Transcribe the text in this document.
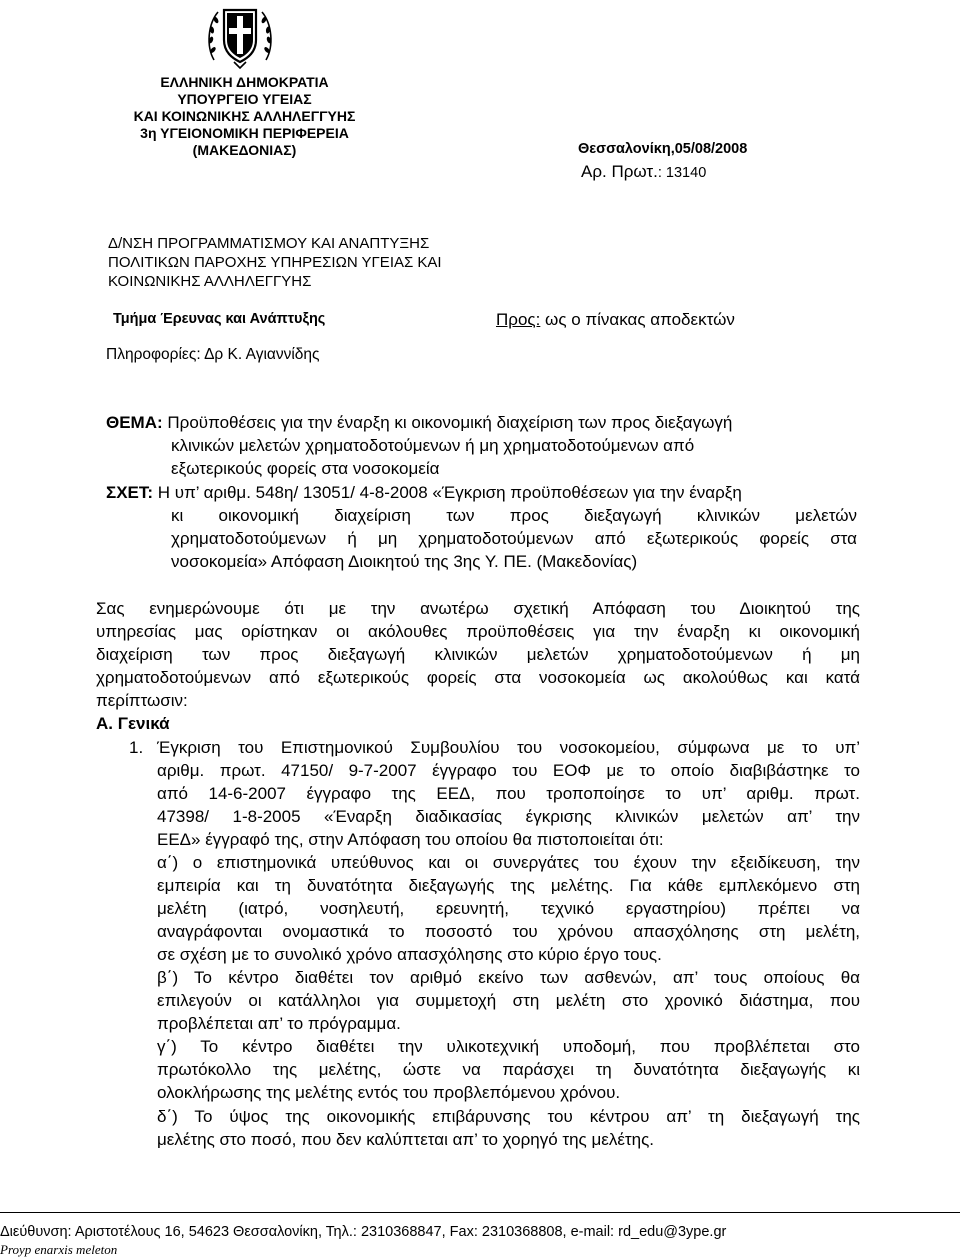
ΕΛΛΗΝΙΚΗ ΔΗΜΟΚΡΑΤΙΑ
ΥΠΟΥΡΓΕΙΟ ΥΓΕΙΑΣ
ΚΑΙ ΚΟΙΝΩΝΙΚΗΣ ΑΛΛΗΛΕΓΓΥΗΣ
3η ΥΓΕΙΟΝΟΜΙΚΗ ΠΕΡΙΦΕΡΕΙΑ
(ΜΑΚΕΔΟΝΙΑΣ)	Θεσσαλονίκη,05/08/2008
Αρ. Πρωτ.: 13140
Δ/ΝΣΗ ΠΡΟΓΡΑΜΜΑΤΙΣΜΟΥ ΚΑΙ ΑΝΑΠΤΥΞΗΣ
ΠΟΛΙΤΙΚΩΝ ΠΑΡΟΧΗΣ ΥΠΗΡΕΣΙΩΝ ΥΓΕΙΑΣ ΚΑΙ
ΚΟΙΝΩΝΙΚΗΣ ΑΛΛΗΛΕΓΓΥΗΣ
Τμήμα Έρευνας και Ανάπτυξης	Προς: ως ο πίνακας αποδεκτών
Πληροφορίες: Δρ Κ. Αγιαννίδης
ΘΕΜΑ: Προϋποθέσεις για την έναρξη κι οικονομική διαχείριση των προς διεξαγωγή
κλινικών μελετών χρηματοδοτούμενων ή μη χρηματοδοτούμενων από
εξωτερικούς φορείς στα νοσοκομεία
ΣΧΕΤ: Η υπ’ αριθμ. 548η/ 13051/ 4-8-2008 «Έγκριση προϋποθέσεων για την έναρξη
κι οικονομική διαχείριση των προς διεξαγωγή κλινικών μελετών
χρηματοδοτούμενων ή μη χρηματοδοτούμενων από εξωτερικούς φορείς στα
νοσοκομεία» Απόφαση Διοικητού της 3ης Υ. ΠΕ. (Μακεδονίας)
Σας ενημερώνουμε ότι με την ανωτέρω σχετική Απόφαση του Διοικητού της
υπηρεσίας μας ορίστηκαν οι ακόλουθες προϋποθέσεις για την έναρξη κι οικονομική
διαχείριση των προς διεξαγωγή κλινικών μελετών χρηματοδοτούμενων ή μη
χρηματοδοτούμενων από εξωτερικούς φορείς στα νοσοκομεία ως ακολούθως και κατά
περίπτωσιν:
Α. Γενικά
1. Έγκριση του Επιστημονικού Συμβουλίου του νοσοκομείου, σύμφωνα με το υπ’
αριθμ. πρωτ. 47150/ 9-7-2007 έγγραφο του ΕΟΦ με το οποίο διαβιβάστηκε το
από 14-6-2007 έγγραφο της ΕΕΔ, που τροποποίησε το υπ’ αριθμ. πρωτ.
47398/ 1-8-2005 «Έναρξη διαδικασίας έγκρισης κλινικών μελετών απ’ την
ΕΕΔ» έγγραφό της, στην Απόφαση του οποίου θα πιστοποιείται ότι:
α΄) ο επιστημονικά υπεύθυνος και οι συνεργάτες του έχουν την εξειδίκευση, την
εμπειρία και τη δυνατότητα διεξαγωγής της μελέτης. Για κάθε εμπλεκόμενο στη
μελέτη (ιατρό, νοσηλευτή, ερευνητή, τεχνικό εργαστηρίου) πρέπει να
αναγράφονται ονομαστικά το ποσοστό του χρόνου απασχόλησης στη μελέτη,
σε σχέση με το συνολικό χρόνο απασχόλησης στο κύριο έργο τους.
β΄) Το κέντρο διαθέτει τον αριθμό εκείνο των ασθενών, απ’ τους οποίους θα
επιλεγούν οι κατάλληλοι για συμμετοχή στη μελέτη στο χρονικό διάστημα, που
προβλέπεται απ’ το πρόγραμμα.
γ΄) Το κέντρο διαθέτει την υλικοτεχνική υποδομή, που προβλέπεται στο
πρωτόκολλο της μελέτης, ώστε να παράσχει τη δυνατότητα διεξαγωγής κι
ολοκλήρωσης της μελέτης εντός του προβλεπόμενου χρόνου.
δ΄) Το ύψος της οικονομικής επιβάρυνσης του κέντρου απ’ τη διεξαγωγή της
μελέτης στο ποσό, που δεν καλύπτεται απ’ το χορηγό της μελέτης.
Διεύθυνση: Αριστοτέλους 16, 54623 Θεσσαλονίκη, Τηλ.: 2310368847, Fax: 2310368808, e-mail: rd_edu@3ype.gr
Proyp enarxis meleton
